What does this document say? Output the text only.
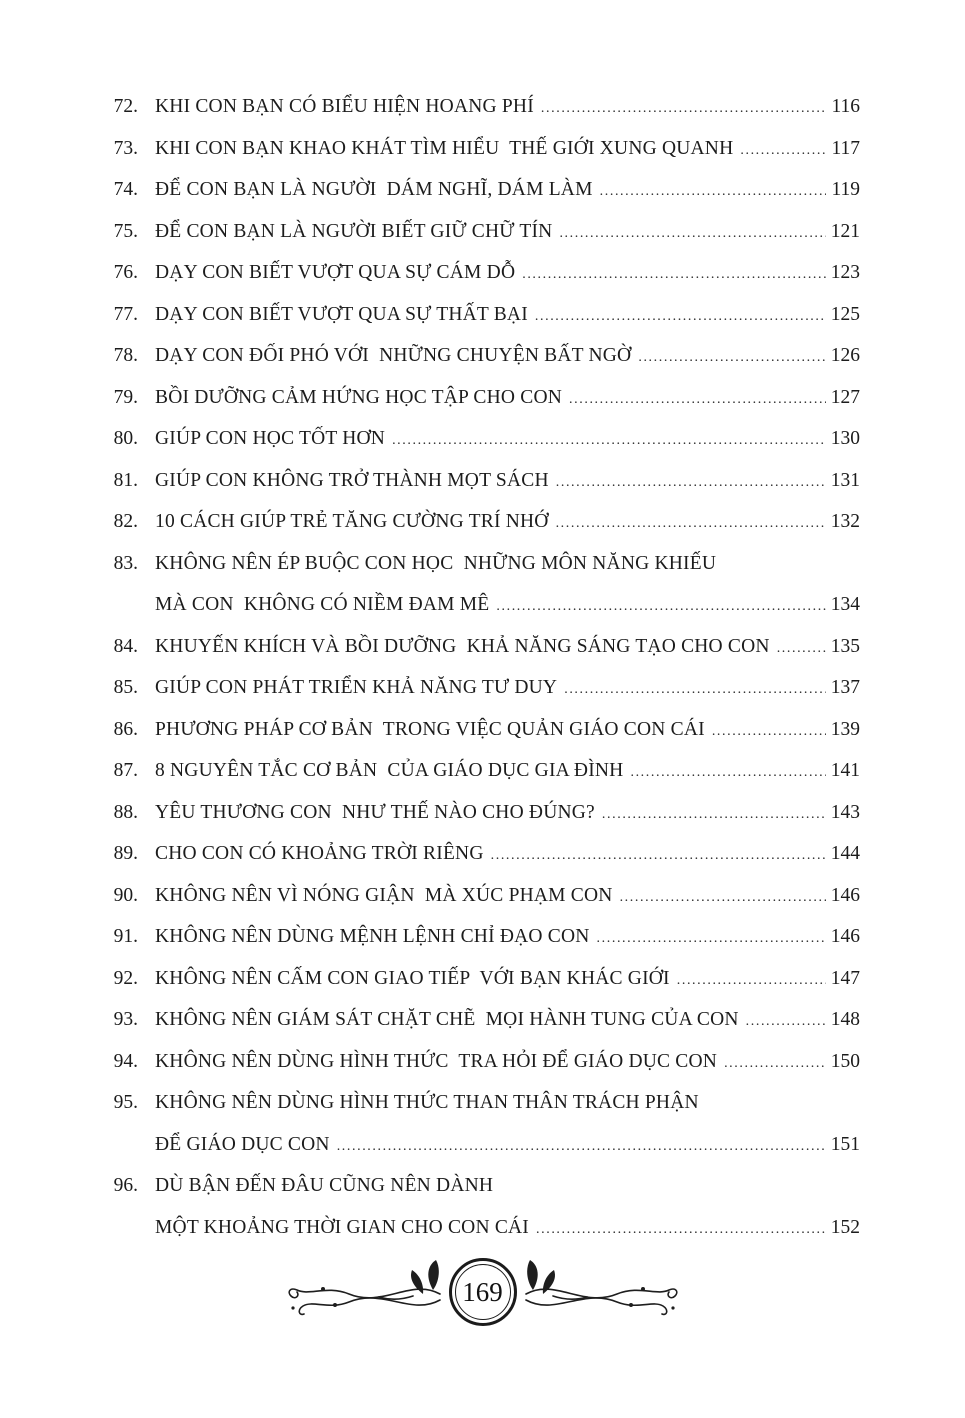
72. KHI CON BẠN CÓ BIỂU HIỆN HOANG PHÍ .....	116
73. KHI CON BẠN KHAO KHÁT TÌM HIỂU  THẾ GIỚI XUNG QUANH .....	117
74. ĐỂ CON BẠN LÀ NGƯỜI  DÁM NGHĨ, DÁM LÀM .....	119
75. ĐỂ CON BẠN LÀ NGƯỜI BIẾT GIỮ CHỮ TÍN .....	121
76. DẠY CON BIẾT VƯỢT QUA SỰ CÁM DỖ .....	123
77. DẠY CON BIẾT VƯỢT QUA SỰ THẤT BẠI .....	125
78. DẠY CON ĐỐI PHÓ VỚI  NHỮNG CHUYỆN BẤT NGỜ .....	126
79. BỒI DƯỠNG CẢM HỨNG HỌC TẬP CHO CON .....	127
80. GIÚP CON HỌC TỐT HƠN .....	130
81. GIÚP CON KHÔNG TRỞ THÀNH MỌT SÁCH .....	131
82. 10 CÁCH GIÚP TRẺ TĂNG CƯỜNG TRÍ NHỚ .....	132
83. KHÔNG NÊN ÉP BUỘC CON HỌC  NHỮNG MÔN NĂNG KHIẾU
MÀ CON  KHÔNG CÓ NIỀM ĐAM MÊ .....	134
84. KHUYẾN KHÍCH VÀ BỒI DƯỠNG  KHẢ NĂNG SÁNG TẠO CHO CON .....	135
85. GIÚP CON PHÁT TRIỂN KHẢ NĂNG TƯ DUY .....	137
86. PHƯƠNG PHÁP CƠ BẢN  TRONG VIỆC QUẢN GIÁO CON CÁI .....	139
87. 8 NGUYÊN TẮC CƠ BẢN  CỦA GIÁO DỤC GIA ĐÌNH .....	141
88. YÊU THƯƠNG CON  NHƯ THẾ NÀO CHO ĐÚNG? .....	143
89. CHO CON CÓ KHOẢNG TRỜI RIÊNG .....	144
90. KHÔNG NÊN VÌ NÓNG GIẬN  MÀ XÚC PHẠM CON .....	146
91. KHÔNG NÊN DÙNG MỆNH LỆNH CHỈ ĐẠO CON .....	146
92. KHÔNG NÊN CẤM CON GIAO TIẾP  VỚI BẠN KHÁC GIỚI .....	147
93. KHÔNG NÊN GIÁM SÁT CHẶT CHẼ  MỌI HÀNH TUNG CỦA CON .....	148
94. KHÔNG NÊN DÙNG HÌNH THỨC  TRA HỎI ĐỂ GIÁO DỤC CON .....	150
95. KHÔNG NÊN DÙNG HÌNH THỨC THAN THÂN TRÁCH PHẬN
ĐỂ GIÁO DỤC CON .....	151
96. DÙ BẬN ĐẾN ĐÂU CŨNG NÊN DÀNH
MỘT KHOẢNG THỜI GIAN CHO CON CÁI .....	152
169
